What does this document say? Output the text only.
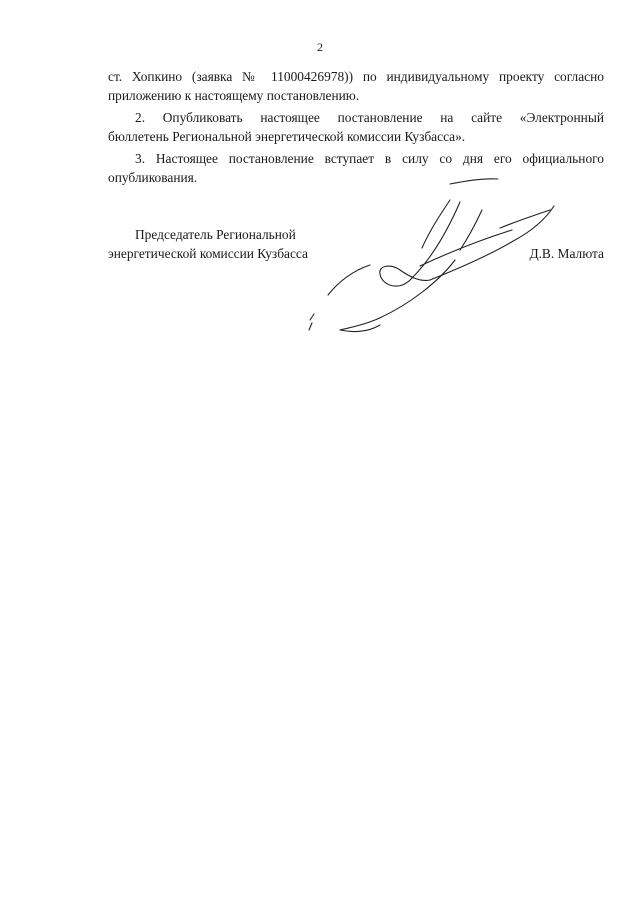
2

ст. Хопкино (заявка № 11000426978)) по индивидуальному проекту согласно
приложению к настоящему постановлению.

2. Опубликовать настоящее постановление на сайте «Электронный
бюллетень Региональной энергетической комиссии Кузбасса».

3. Настоящее постановление вступает в силу со дня его официального
опубликования.

Председатель Региональной
энергетической комиссии Кузбасса	Д.В. Малюта
